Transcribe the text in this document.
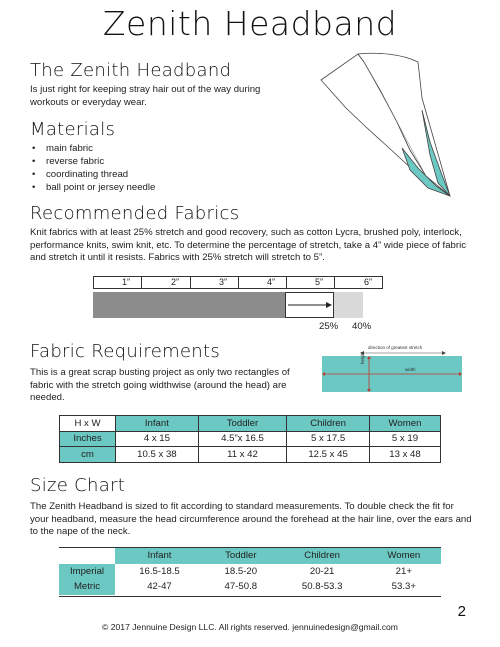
Zenith Headband
The Zenith Headband
Is just right for keeping stray hair out of the way during workouts or everyday wear.
Materials
• main fabric
• reverse fabric
• coordinating thread
• ball point or jersey needle
Recommended Fabrics
Knit fabrics with at least 25% stretch and good recovery, such as cotton Lycra, brushed poly, interlock, performance knits, swim knit, etc. To determine the percentage of stretch, take a 4” wide piece of fabric and stretch it until it resists. Fabrics with 25% stretch will stretch to 5”.
1”	2”	3”	4”	5”	6”
25% 40%
Fabric Requirements
This is a great scrap busting project as only two rectangles of fabric with the stretch going widthwise (around the head) are needed.
direction of greatest stretch
width
height
H x W	Infant	Toddler	Children	Women
Inches	4 x 15	4.5”x 16.5	5 x 17.5	5 x 19
cm	10.5 x 38	11 x 42	12.5 x 45	13 x 48
Size Chart
The Zenith Headband is sized to fit according to standard measurements. To double check the fit for your headband, measure the head circumference around the forehead at the hair line, over the ears and to the nape of the neck.
	Infant	Toddler	Children	Women
Imperial	16.5-18.5	18.5-20	20-21	21+
Metric	42-47	47-50.8	50.8-53.3	53.3+
2
© 2017 Jennuine Design LLC. All rights reserved. jennuinedesign@gmail.com
